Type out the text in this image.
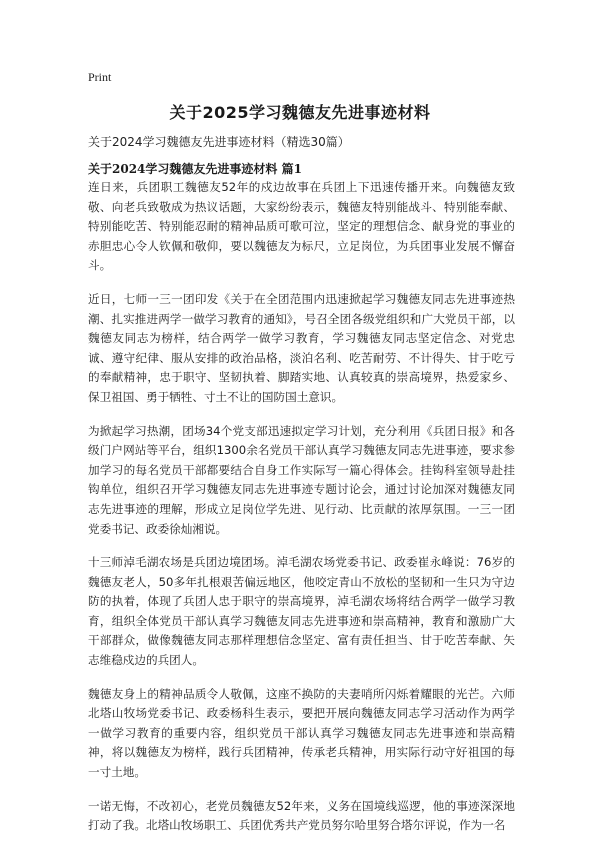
Print
关于2025学习魏德友先进事迹材料
关于2024学习魏德友先进事迹材料（精选30篇）
关于2024学习魏德友先进事迹材料 篇1

连日来，兵团职工魏德友52年的戍边故事在兵团上下迅速传播开来。向魏德友致敬、向老兵致敬成为热议话题，大家纷纷表示，魏德友特别能战斗、特别能奉献、特别能吃苦、特别能忍耐的精神品质可歌可泣，坚定的理想信念、献身党的事业的赤胆忠心令人钦佩和敬仰，要以魏德友为标尺，立足岗位，为兵团事业发展不懈奋斗。

近日，七师一三一团印发《关于在全团范围内迅速掀起学习魏德友同志先进事迹热潮、扎实推进两学一做学习教育的通知》，号召全团各级党组织和广大党员干部，以魏德友同志为榜样，结合两学一做学习教育，学习魏德友同志坚定信念、对党忠诚、遵守纪律、服从安排的政治品格，淡泊名利、吃苦耐劳、不计得失、甘于吃亏的奉献精神，忠于职守、坚韧执着、脚踏实地、认真较真的崇高境界，热爱家乡、保卫祖国、勇于牺牲、寸土不让的国防国土意识。

为掀起学习热潮，团场34个党支部迅速拟定学习计划，充分利用《兵团日报》和各级门户网站等平台，组织1300余名党员干部认真学习魏德友同志先进事迹，要求参加学习的每名党员干部都要结合自身工作实际写一篇心得体会。挂钩科室领导赴挂钩单位，组织召开学习魏德友同志先进事迹专题讨论会，通过讨论加深对魏德友同志先进事迹的理解，形成立足岗位学先进、见行动、比贡献的浓厚氛围。一三一团党委书记、政委徐灿湘说。

十三师淖毛湖农场是兵团边境团场。淖毛湖农场党委书记、政委崔永峰说：76岁的魏德友老人，50多年扎根艰苦偏远地区，他咬定青山不放松的坚韧和一生只为守边防的执着，体现了兵团人忠于职守的崇高境界，淖毛湖农场将结合两学一做学习教育，组织全体党员干部认真学习魏德友同志先进事迹和崇高精神，教育和激励广大干部群众，做像魏德友同志那样理想信念坚定、富有责任担当、甘于吃苦奉献、矢志维稳戍边的兵团人。

魏德友身上的精神品质令人敬佩，这座不换防的夫妻哨所闪烁着耀眼的光芒。六师北塔山牧场党委书记、政委杨科生表示，要把开展向魏德友同志学习活动作为两学一做学习教育的重要内容，组织党员干部认真学习魏德友同志先进事迹和崇高精神，将以魏德友为榜样，践行兵团精神，传承老兵精神，用实际行动守好祖国的每一寸土地。

一诺无悔，不改初心，老党员魏德友52年来，义务在国境线巡逻，他的事迹深深地打动了我。北塔山牧场职工、兵团优秀共产党员努尔哈里努合塔尔评说，作为一名
